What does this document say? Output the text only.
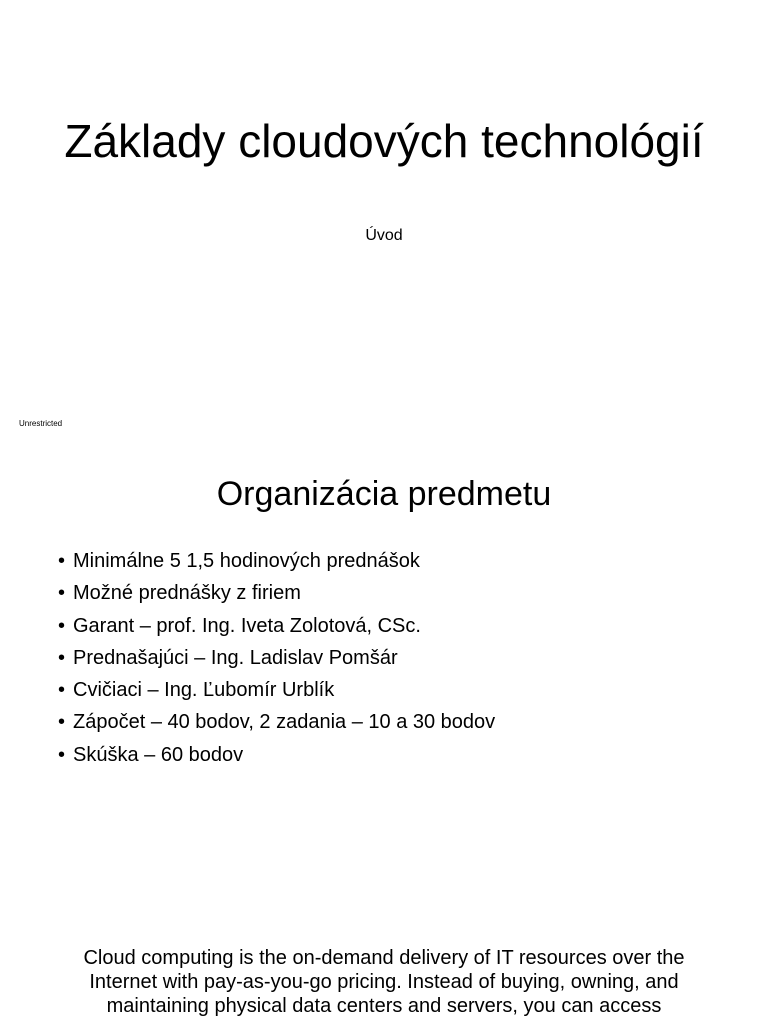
Základy cloudových technológií
Úvod
Unrestricted
Organizácia predmetu
• Minimálne 5 1,5 hodinových prednášok
• Možné prednášky z firiem
• Garant – prof. Ing. Iveta Zolotová, CSc.
• Prednašajúci – Ing. Ladislav Pomšár
• Cvičiaci – Ing. Ľubomír Urblík
• Zápočet – 40 bodov, 2 zadania – 10 a 30 bodov
• Skúška – 60 bodov

Cloud computing is the on-demand delivery of IT resources over the Internet with pay-as-you-go pricing. Instead of buying, owning, and maintaining physical data centers and servers, you can access
